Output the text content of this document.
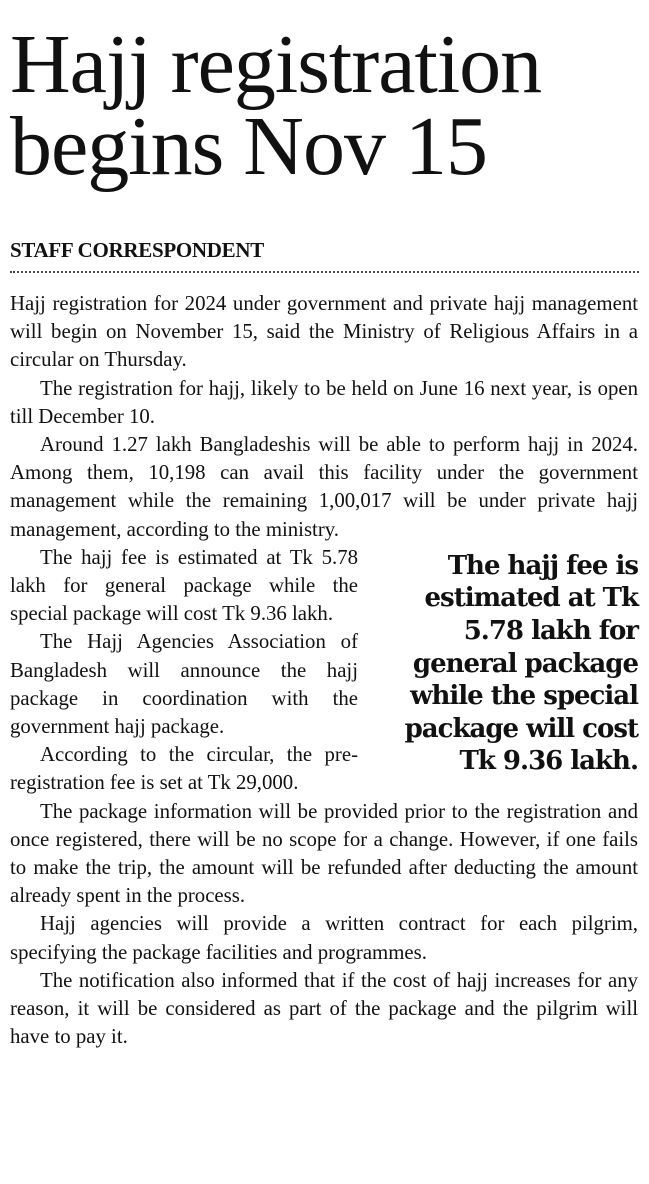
Hajj registration begins Nov 15
STAFF CORRESPONDENT

Hajj registration for 2024 under government and private hajj management will begin on November 15, said the Ministry of Religious Affairs in a circular on Thursday.

The registration for hajj, likely to be held on June 16 next year, is open till December 10.

Around 1.27 lakh Bangladeshis will be able to perform hajj in 2024. Among them, 10,198 can avail this facility under the government management while the remaining 1,00,017 will be under private hajj management, according to the ministry.

The hajj fee is estimated at Tk 5.78 lakh for general package while the special package will cost Tk 9.36 lakh.

The hajj fee is estimated at Tk 5.78 lakh for general package while the special package will cost Tk 9.36 lakh.

The Hajj Agencies Association of Bangladesh will announce the hajj package in coordination with the government hajj package.

According to the circular, the pre-registration fee is set at Tk 29,000.

The package information will be provided prior to the registration and once registered, there will be no scope for a change. However, if one fails to make the trip, the amount will be refunded after deducting the amount already spent in the process.

Hajj agencies will provide a written contract for each pilgrim, specifying the package facilities and programmes.

The notification also informed that if the cost of hajj increases for any reason, it will be considered as part of the package and the pilgrim will have to pay it.
